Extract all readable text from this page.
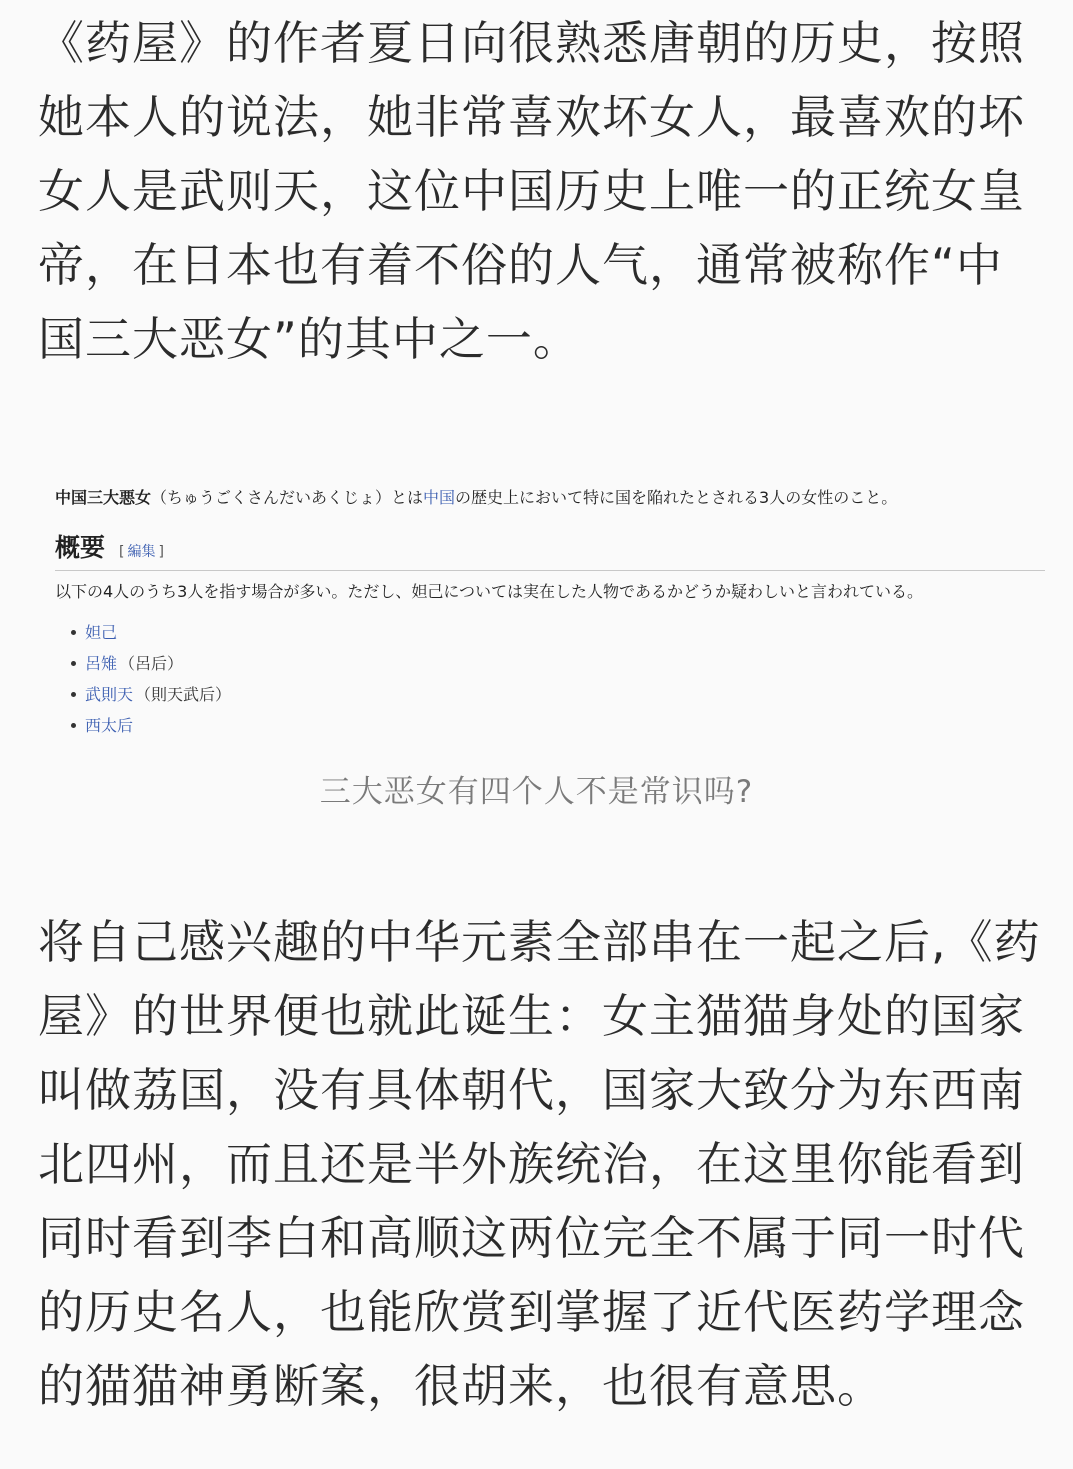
《药屋》的作者夏日向很熟悉唐朝的历史，按照她本人的说法，她非常喜欢坏女人，最喜欢的坏女人是武则天，这位中国历史上唯一的正统女皇帝，在日本也有着不俗的人气，通常被称作“中国三大恶女”的其中之一。

中国三大悪女（ちゅうごくさんだいあくじょ）とは中国の歴史上において特に国を陥れたとされる3人の女性のこと。
概要 [ 編集 ]
以下の4人のうち3人を指す場合が多い。ただし、妲己については実在した人物であるかどうか疑わしいと言われている。
妲己
呂雉 （呂后）
武則天 （則天武后）
西太后
三大恶女有四个人不是常识吗?

将自己感兴趣的中华元素全部串在一起之后,《药屋》的世界便也就此诞生：女主猫猫身处的国家叫做荔国，没有具体朝代，国家大致分为东西南北四州，而且还是半外族统治，在这里你能看到同时看到李白和高顺这两位完全不属于同一时代的历史名人，也能欣赏到掌握了近代医药学理念的猫猫神勇断案，很胡来，也很有意思。
